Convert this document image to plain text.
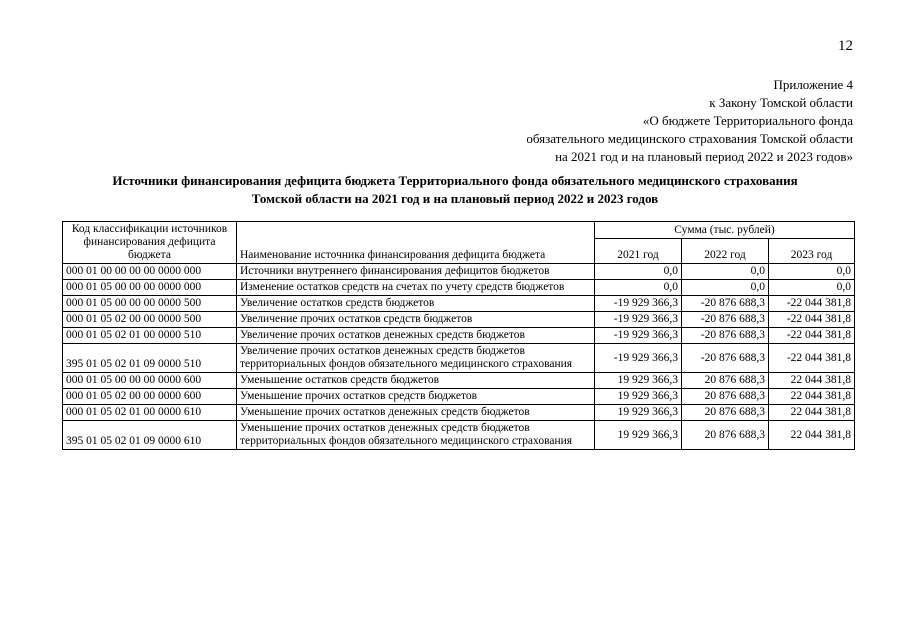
12
Приложение 4
к Закону Томской области
«О бюджете Территориального фонда
обязательного медицинского страхования Томской области
на 2021 год и на плановый период 2022 и 2023 годов»
Источники финансирования дефицита бюджета Территориального фонда обязательного медицинского страхования
Томской области на 2021 год и на плановый период 2022 и 2023 годов
Код классификации источников финансирования дефицита бюджета	Наименование источника финансирования дефицита бюджета	Сумма (тыс. рублей)		
		2021 год	2022 год	2023 год
000 01 00 00 00 00 0000 000	Источники внутреннего финансирования дефицитов бюджетов	0,0	0,0	0,0
000 01 05 00 00 00 0000 000	Изменение остатков средств на счетах по учету средств бюджетов	0,0	0,0	0,0
000 01 05 00 00 00 0000 500	Увеличение остатков средств бюджетов	-19 929 366,3	-20 876 688,3	-22 044 381,8
000 01 05 02 00 00 0000 500	Увеличение прочих остатков средств бюджетов	-19 929 366,3	-20 876 688,3	-22 044 381,8
000 01 05 02 01 00 0000 510	Увеличение прочих остатков денежных средств бюджетов	-19 929 366,3	-20 876 688,3	-22 044 381,8
395 01 05 02 01 09 0000 510	Увеличение прочих остатков денежных средств бюджетов территориальных фондов обязательного медицинского страхования	-19 929 366,3	-20 876 688,3	-22 044 381,8
000 01 05 00 00 00 0000 600	Уменьшение остатков средств бюджетов	19 929 366,3	20 876 688,3	22 044 381,8
000 01 05 02 00 00 0000 600	Уменьшение прочих остатков средств бюджетов	19 929 366,3	20 876 688,3	22 044 381,8
000 01 05 02 01 00 0000 610	Уменьшение прочих остатков денежных средств бюджетов	19 929 366,3	20 876 688,3	22 044 381,8
395 01 05 02 01 09 0000 610	Уменьшение прочих остатков денежных средств бюджетов территориальных фондов обязательного медицинского страхования	19 929 366,3	20 876 688,3	22 044 381,8
